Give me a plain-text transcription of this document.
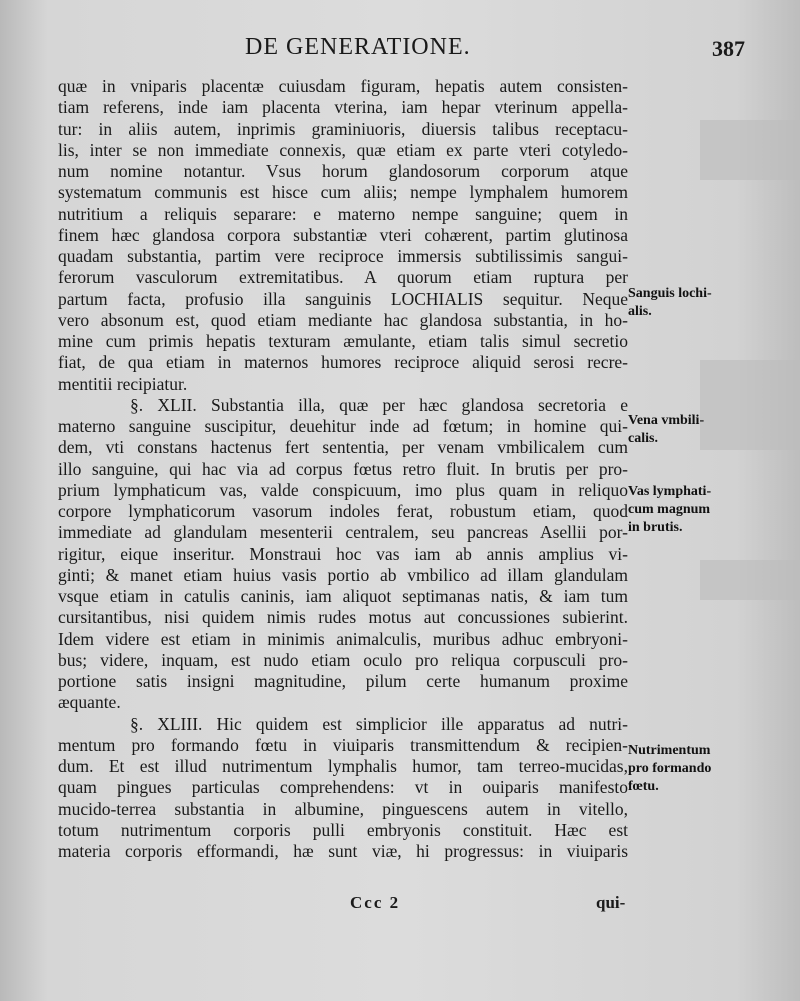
DE GENERATIONE.	387
quæ in vniparis placentæ cuiusdam figuram, hepatis autem consisten-
tiam referens, inde iam placenta vterina, iam hepar vterinum appella-
tur: in aliis autem, inprimis graminiuoris, diuersis talibus receptacu-
lis, inter se non immediate connexis, quæ etiam ex parte vteri cotyledo-
num nomine notantur. Vsus horum glandosorum corporum atque
systematum communis est hisce cum aliis; nempe lymphalem humorem
nutritium a reliquis separare: e materno nempe sanguine; quem in
finem hæc glandosa corpora substantiæ vteri cohærent, partim glutinosa
quadam substantia, partim vere reciproce immersis subtilissimis sangui-
ferorum vasculorum extremitatibus. A quorum etiam ruptura per
partum facta, profusio illa sanguinis LOCHIALIS sequitur. Neque
vero absonum est, quod etiam mediante hac glandosa substantia, in ho-
mine cum primis hepatis texturam æmulante, etiam talis simul secretio
fiat, de qua etiam in maternos humores reciproce aliquid serosi recre-
mentitii recipiatur.
§. XLII. Substantia illa, quæ per hæc glandosa secretoria e
materno sanguine suscipitur, deuehitur inde ad fœtum; in homine qui-
dem, vti constans hactenus fert sententia, per venam vmbilicalem cum
illo sanguine, qui hac via ad corpus fœtus retro fluit. In brutis per pro-
prium lymphaticum vas, valde conspicuum, imo plus quam in reliquo
corpore lymphaticorum vasorum indoles ferat, robustum etiam, quod
immediate ad glandulam mesenterii centralem, seu pancreas Asellii por-
rigitur, eique inseritur. Monstraui hoc vas iam ab annis amplius vi-
ginti; & manet etiam huius vasis portio ab vmbilico ad illam glandulam
vsque etiam in catulis caninis, iam aliquot septimanas natis, & iam tum
cursitantibus, nisi quidem nimis rudes motus aut concussiones subierint.
Idem videre est etiam in minimis animalculis, muribus adhuc embryoni-
bus; videre, inquam, est nudo etiam oculo pro reliqua corpusculi pro-
portione satis insigni magnitudine, pilum certe humanum proxime
æquante.
§. XLIII. Hic quidem est simplicior ille apparatus ad nutri-
mentum pro formando fœtu in viuiparis transmittendum & recipien-
dum. Et est illud nutrimentum lymphalis humor, tam terreo-mucidas,
quam pingues particulas comprehendens: vt in ouiparis manifesto
mucido-terrea substantia in albumine, pinguescens autem in vitello,
totum nutrimentum corporis pulli embryonis constituit. Hæc est
materia corporis efformandi, hæ sunt viæ, hi progressus: in viuiparis
Sanguis lochi-
alis.
Vena vmbili-
calis.
Vas lymphati-
cum magnum
in brutis.
Nutrimentum
pro formando
fœtu.
Ccc 2	qui-
